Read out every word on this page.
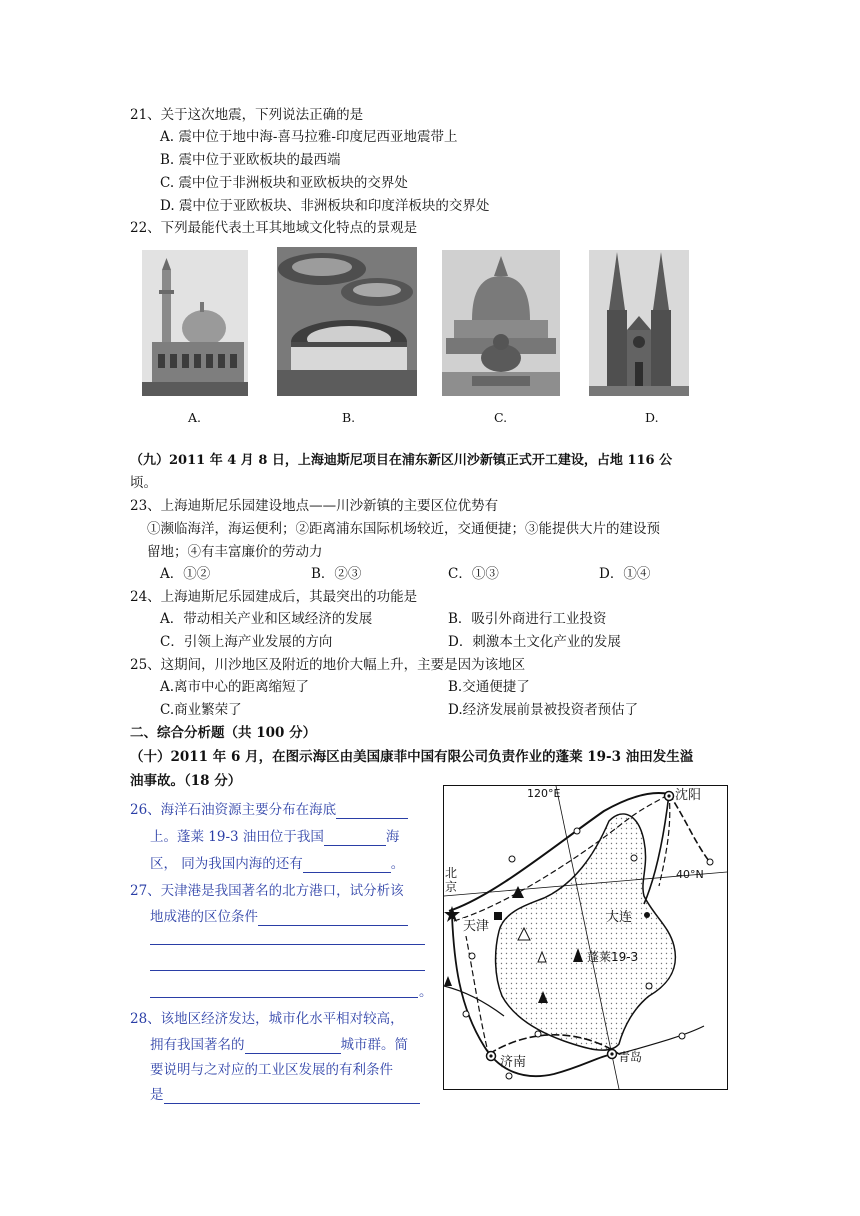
21、关于这次地震，下列说法正确的是
A. 震中位于地中海-喜马拉雅-印度尼西亚地震带上
B. 震中位于亚欧板块的最西端
C. 震中位于非洲板块和亚欧板块的交界处
D. 震中位于亚欧板块、非洲板块和印度洋板块的交界处
22、下列最能代表土耳其地域文化特点的景观是
A.	B.	C.	D.
（九）2011 年 4 月 8 日，上海迪斯尼项目在浦东新区川沙新镇正式开工建设，占地 116 公
顷。
23、上海迪斯尼乐园建设地点——川沙新镇的主要区位优势有
①濒临海洋，海运便利；②距离浦东国际机场较近，交通便捷；③能提供大片的建设预
留地；④有丰富廉价的劳动力
A．①②	B．②③	C．①③	D．①④
24、上海迪斯尼乐园建成后，其最突出的功能是
A．带动相关产业和区域经济的发展	B．吸引外商进行工业投资
C．引领上海产业发展的方向	D．刺激本土文化产业的发展
25、这期间，川沙地区及附近的地价大幅上升，主要是因为该地区
A.离市中心的距离缩短了	B.交通便捷了
C.商业繁荣了	D.经济发展前景被投资者预估了
二、综合分析题（共 100 分）
（十）2011 年 6 月，在图示海区由美国康菲中国有限公司负责作业的蓬莱 19-3 油田发生溢
油事故。（18 分）
26、海洋石油资源主要分布在海底
上。蓬莱 19-3 油田位于我国	海
区， 同为我国内海的还有	。
27、天津港是我国著名的北方港口，试分析该
地成港的区位条件
。
28、该地区经济发达，城市化水平相对较高，
拥有我国著名的	城市群。简
要说明与之对应的工业区发展的有利条件
是
120°E
40°N
沈阳
北京
天津
大连
济南	青岛
蓬莱19-3
